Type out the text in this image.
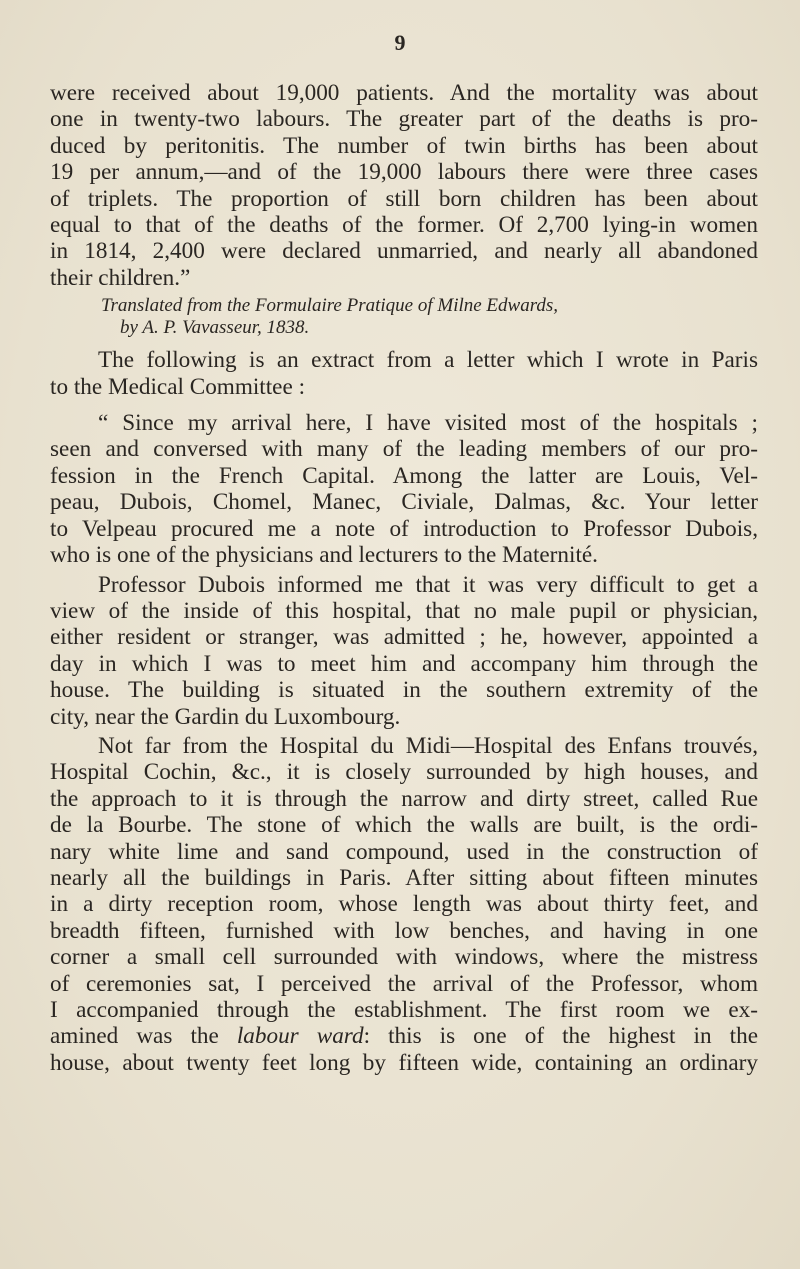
9

were received about 19,000 patients. And the mortality was about

one in twenty-two labours. The greater part of the deaths is pro-

duced by peritonitis. The number of twin births has been about

19 per annum,—and of the 19,000 labours there were three cases

of triplets. The proportion of still born children has been about

equal to that of the deaths of the former. Of 2,700 lying-in women

in 1814, 2,400 were declared unmarried, and nearly all abandoned

their children.”

Translated from the Formulaire Pratique of Milne Edwards,
by A. P. Vavasseur, 1838.

The following is an extract from a letter which I wrote in Paris

to the Medical Committee :

“ Since my arrival here, I have visited most of the hospitals ;

seen and conversed with many of the leading members of our pro-

fession in the French Capital. Among the latter are Louis, Vel-

peau, Dubois, Chomel, Manec, Civiale, Dalmas, &c. Your letter

to Velpeau procured me a note of introduction to Professor Dubois,

who is one of the physicians and lecturers to the Maternité.

Professor Dubois informed me that it was very difficult to get a

view of the inside of this hospital, that no male pupil or physician,

either resident or stranger, was admitted ; he, however, appointed a

day in which I was to meet him and accompany him through the

house. The building is situated in the southern extremity of the

city, near the Gardin du Luxombourg.

Not far from the Hospital du Midi—Hospital des Enfans trouvés,

Hospital Cochin, &c., it is closely surrounded by high houses, and

the approach to it is through the narrow and dirty street, called Rue

de la Bourbe. The stone of which the walls are built, is the ordi-

nary white lime and sand compound, used in the construction of

nearly all the buildings in Paris. After sitting about fifteen minutes

in a dirty reception room, whose length was about thirty feet, and

breadth fifteen, furnished with low benches, and having in one

corner a small cell surrounded with windows, where the mistress

of ceremonies sat, I perceived the arrival of the Professor, whom

I accompanied through the establishment. The first room we ex-

amined was the labour ward: this is one of the highest in the

house, about twenty feet long by fifteen wide, containing an ordinary
